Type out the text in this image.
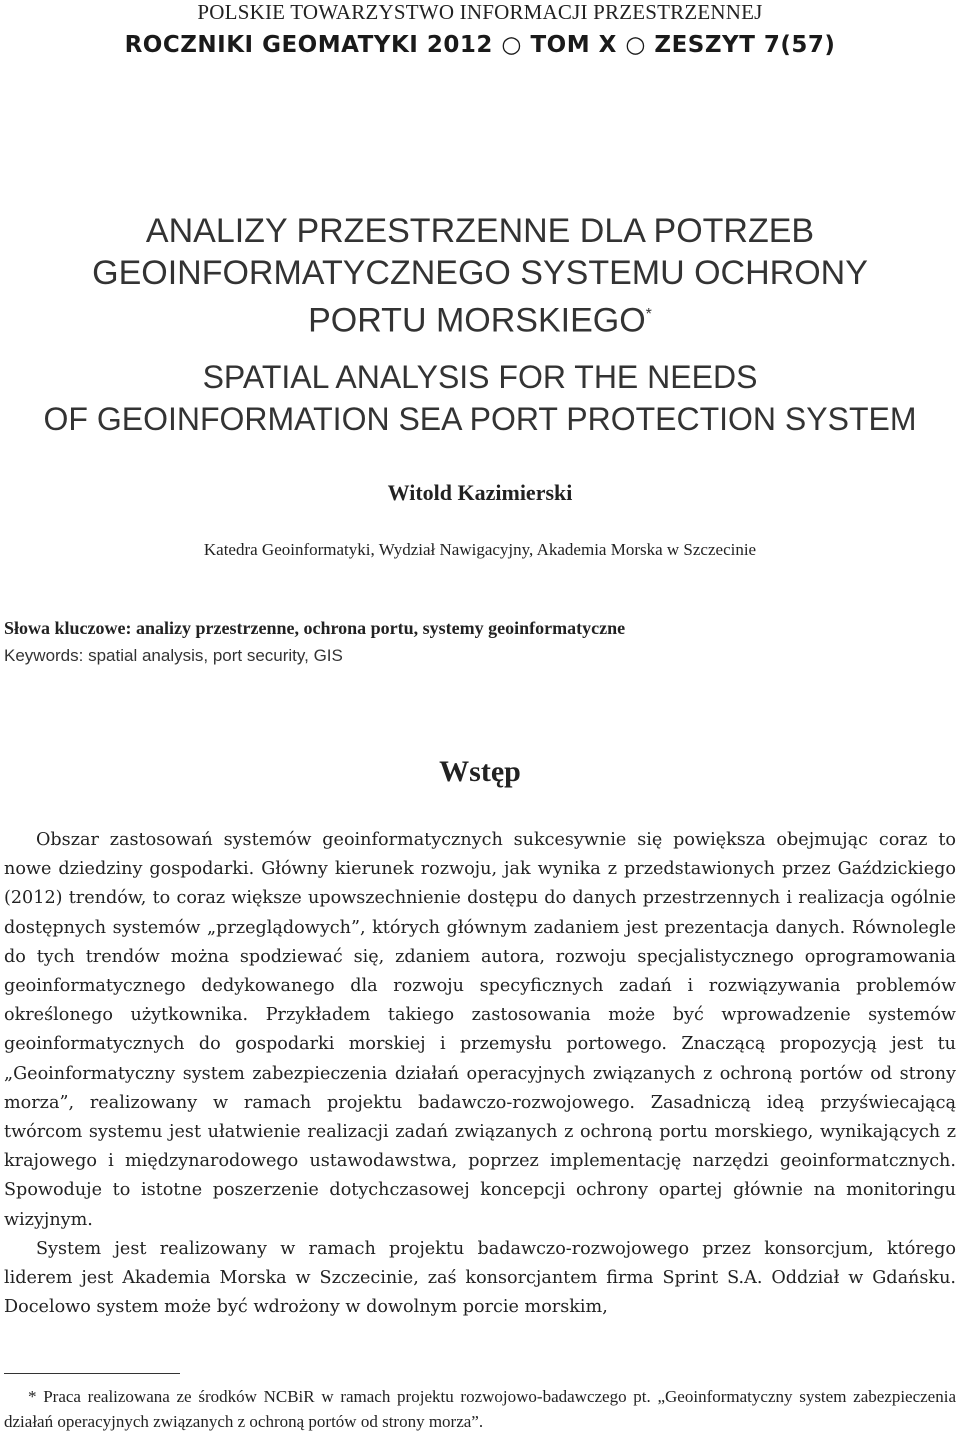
POLSKIE TOWARZYSTWO INFORMACJI PRZESTRZENNEJ
ROCZNIKI GEOMATYKI 2012 ○ TOM X ○ ZESZYT 7(57)
ANALIZY PRZESTRZENNE DLA POTRZEB
GEOINFORMATYCZNEGO SYSTEMU OCHRONY
PORTU MORSKIEGO*
SPATIAL ANALYSIS FOR THE NEEDS
OF GEOINFORMATION SEA PORT PROTECTION SYSTEM
Witold Kazimierski
Katedra Geoinformatyki, Wydział Nawigacyjny, Akademia Morska w Szczecinie
Słowa kluczowe: analizy przestrzenne, ochrona portu, systemy geoinformatyczne
Keywords: spatial analysis, port security, GIS
Wstęp

Obszar zastosowań systemów geoinformatycznych sukcesywnie się powiększa obejmując coraz to nowe dziedziny gospodarki. Główny kierunek rozwoju, jak wynika z przedstawionych przez Gaździckiego (2012) trendów, to coraz większe upowszechnienie dostępu do danych przestrzennych i realizacja ogólnie dostępnych systemów „przeglądowych”, których głównym zadaniem jest prezentacja danych. Równolegle do tych trendów można spodziewać się, zdaniem autora, rozwoju specjalistycznego oprogramowania geoinformatycznego dedykowanego dla rozwoju specyficznych zadań i rozwiązywania problemów określonego użytkownika. Przykładem takiego zastosowania może być wprowadzenie systemów geoinformatycznych do gospodarki morskiej i przemysłu portowego. Znaczącą propozycją jest tu „Geoinformatyczny system zabezpieczenia działań operacyjnych związanych z ochroną portów od strony morza”, realizowany w ramach projektu badawczo-rozwojowego. Zasadniczą ideą przyświecającą twórcom systemu jest ułatwienie realizacji zadań związanych z ochroną portu morskiego, wynikających z krajowego i międzynarodowego ustawodawstwa, poprzez implementację narzędzi geoinformatcznych. Spowoduje to istotne poszerzenie dotychczasowej koncepcji ochrony opartej głównie na monitoringu wizyjnym.

System jest realizowany w ramach projektu badawczo-rozwojowego przez konsorcjum, którego liderem jest Akademia Morska w Szczecinie, zaś konsorcjantem firma Sprint S.A. Oddział w Gdańsku. Docelowo system może być wdrożony w dowolnym porcie morskim,

* Praca realizowana ze środków NCBiR w ramach projektu rozwojowo-badawczego pt. „Geoinformatyczny system zabezpieczenia działań operacyjnych związanych z ochroną portów od strony morza”.
